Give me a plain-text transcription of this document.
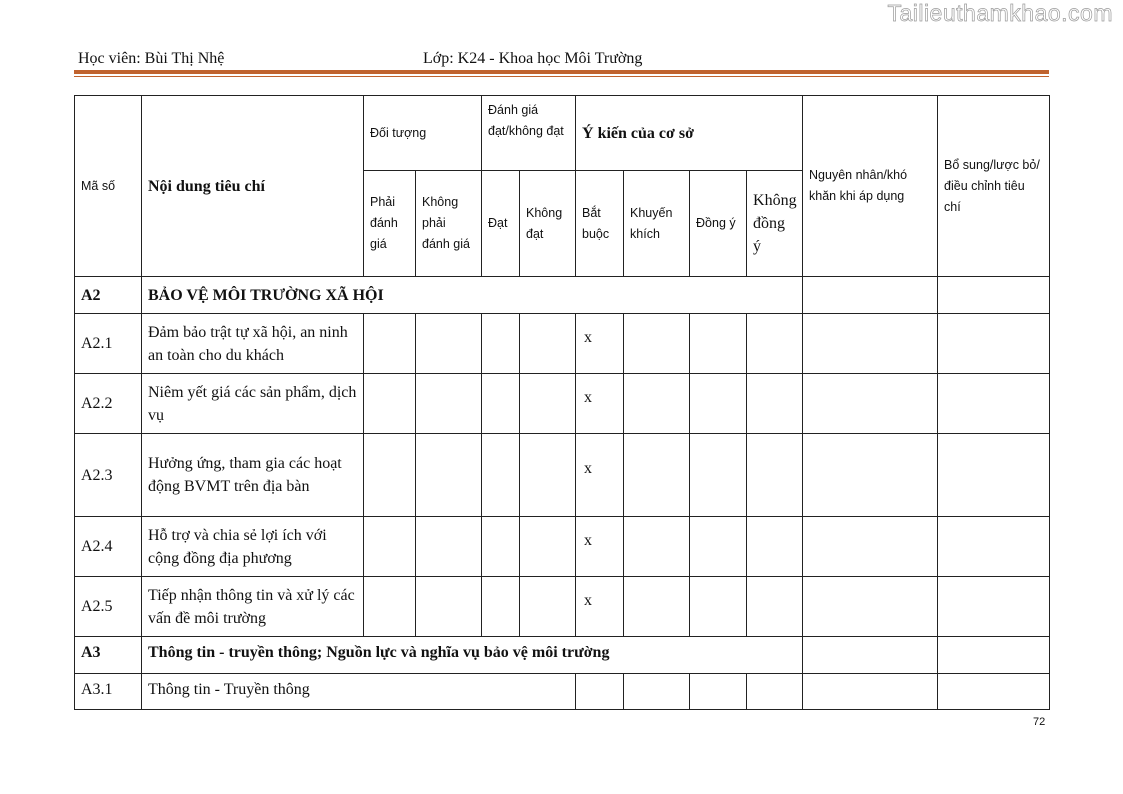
Tailieuthamkhao.com
Học viên: Bùi Thị Nhệ	Lớp: K24 - Khoa học Môi Trường
Mã số	Nội dung tiêu chí	Đối tượng		Đánh giá đạt/không đạt		Ý kiến của cơ sở				Nguyên nhân/khó khăn khi áp dụng	Bổ sung/lược bỏ/điều chỉnh tiêu chí
		Phải đánh giá	Không phải đánh giá	Đạt	Không đạt	Bắt buộc	Khuyến khích	Đồng ý	Không đồng ý		
A2	BẢO VỆ MÔI TRƯỜNG XÃ HỘI										
A2.1	Đảm bảo trật tự xã hội, an ninh an toàn cho du khách					x					
A2.2	Niêm yết giá các sản phẩm, dịch vụ					x					
A2.3	Hưởng ứng, tham gia các hoạt động BVMT trên địa bàn					x					
A2.4	Hỗ trợ và chia sẻ lợi ích với cộng đồng địa phương					x					
A2.5	Tiếp nhận thông tin và xử lý các vấn đề môi trường					x					
A3	Thông tin - truyền thông; Nguồn lực và nghĩa vụ bảo vệ môi trường										
A3.1	Thông tin - Truyền thông										
72
